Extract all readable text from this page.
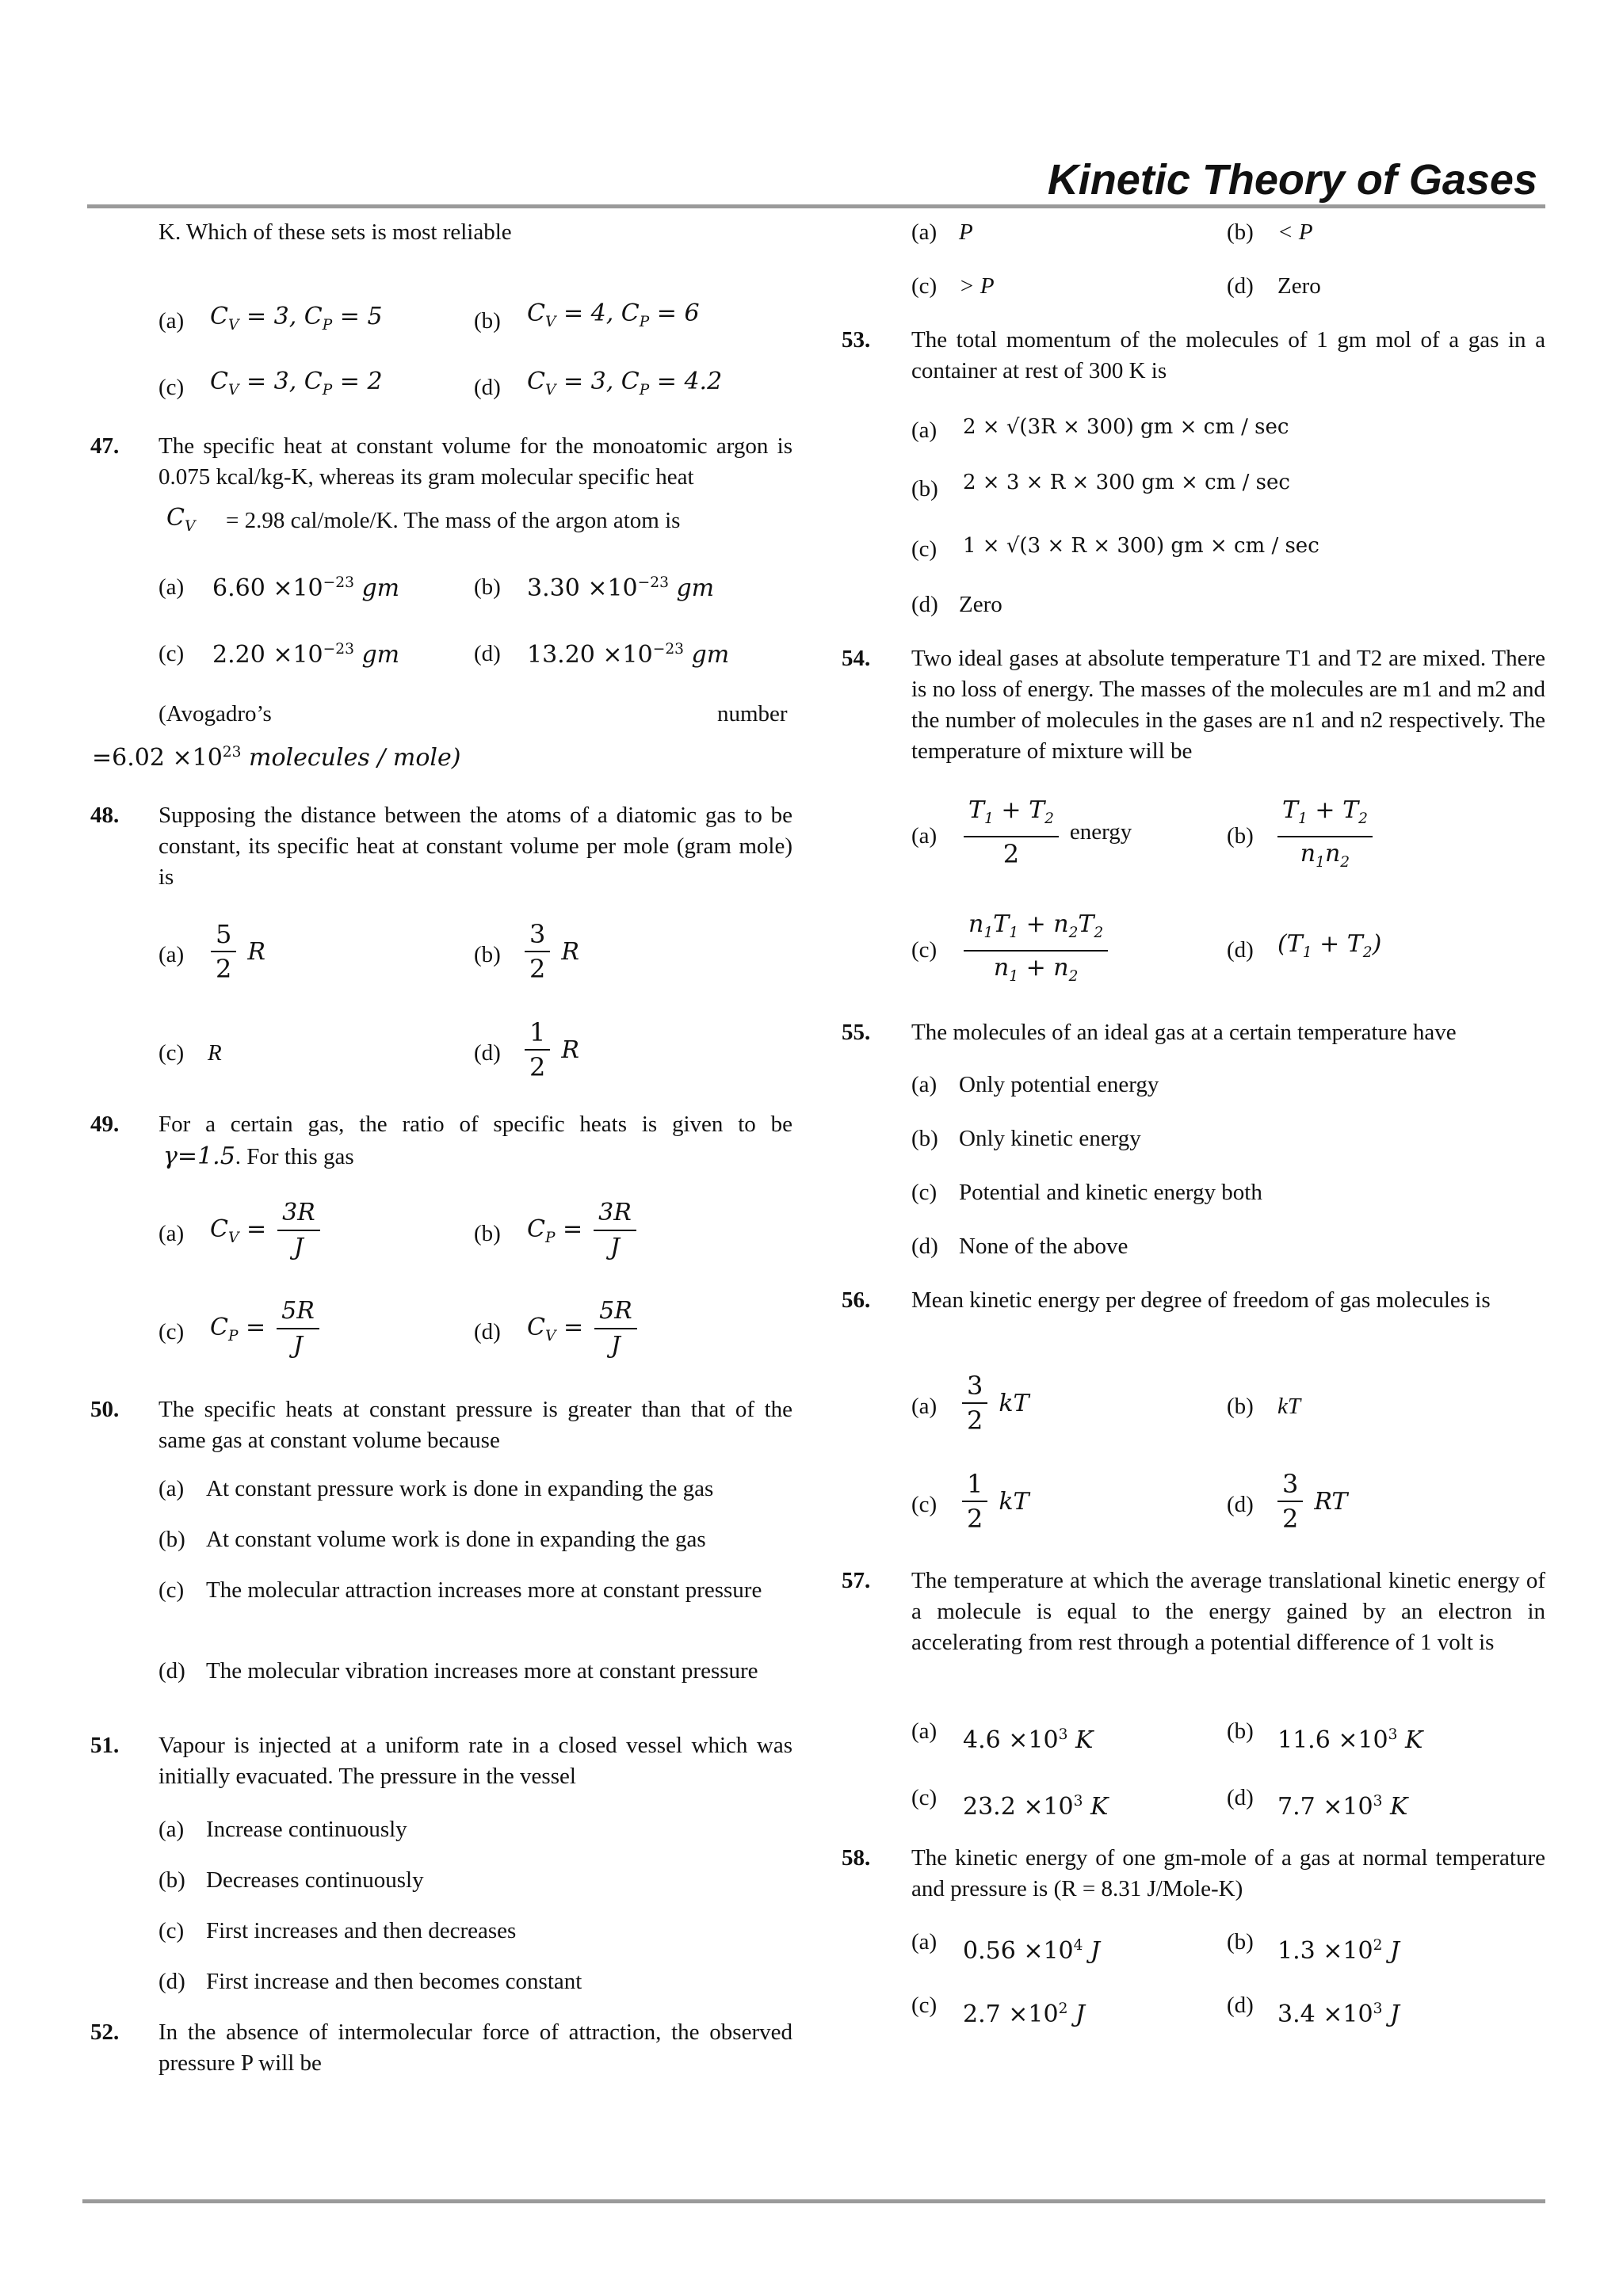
Kinetic Theory of Gases
K. Which of these sets is most reliable
(a) $C_V = 3$, $C_P = 5$	(b) $C_V = 4$, $C_P = 6$
(c) $C_V = 3$, $C_P = 2$	(d) $C_V = 3$, $C_P = 4.2$
47. The specific heat at constant volume for the monoatomic argon is 0.075 kcal/kg-K, whereas its gram molecular specific heat
$C_V = 2.98$ cal/mole/K. The mass of the argon atom is
(a) $6.60 \times 10^{-23}$ gm	(b) $3.30 \times 10^{-23}$ gm
(c) $2.20 \times 10^{-23}$ gm	(d) $13.20 \times 10^{-23}$ gm
(Avogadro’s	number
$=6.02 \times 10^{23}$ molecules / mole)
48. Supposing the distance between the atoms of a diatomic gas to be constant, its specific heat at constant volume per mole (gram mole) is
$(a) \frac{5}{2}$ R	$(b) \frac{3}{2}$ R
(c) R	$(d) \frac{1}{2}$ R
49. For a certain gas, the ratio of specific heats is given to be
γ=1.5. For this gas
(a) $C_V = \frac{3R}{J}$	(b) $C_P = \frac{3R}{J}$
(c) $C_P = \frac{5R}{J}$	(d) $C_V = \frac{5R}{J}$
50. The specific heats at constant pressure is greater than that of the same gas at constant volume because
(a) At constant pressure work is done in expanding the gas
(b) At constant volume work is done in expanding the gas
(c) The molecular attraction increases more at constant pressure
(d) The molecular vibration increases more at constant pressure
51. Vapour is injected at a uniform rate in a closed vessel which was initially evacuated. The pressure in the vessel
(a) Increase continuously
(b) Decreases continuously
(c) First increases and then decreases
(d) First increase and then becomes constant
52. In the absence of intermolecular force of attraction, the observed pressure P will be
(a) P	(b) < P
(c) > P	(d) Zero
53. The total momentum of the molecules of 1 gm mol of a gas in a container at rest of 300 K is
(a) 2 × √(3R × 300) gm × cm / sec
(b) 2 × 3 × R × 300 gm × cm / sec
(c) 1 × √(3 × R × 300) gm × cm / sec
(d) Zero
54. Two ideal gases at absolute temperature T1 and T2 are mixed. There is no loss of energy. The masses of the molecules are m1 and m2 and the number of molecules in the gases are n1 and n2 respectively. The temperature of mixture will be
$(a) \frac{T_1 + T_2}{2}$ energy	$(b) \frac{T_1 + T_2}{n_1n_2}$
$(c) \frac{n_1T_1 + n_2T_2}{n_1 + n_2}$	(d) $(T_1 + T_2)$
55. The molecules of an ideal gas at a certain temperature have
(a) Only potential energy
(b) Only kinetic energy
(c) Potential and kinetic energy both
(d) None of the above
56. Mean kinetic energy per degree of freedom of gas molecules is
$(a) \frac{3}{2}$ kT	(b) kT
$(c) \frac{1}{2}$ kT	$(d) \frac{3}{2}$ RT
57. The temperature at which the average translational kinetic energy of a molecule is equal to the energy gained by an electron in accelerating from rest through a potential difference of 1 volt is
(a) $4.6 \times 10^3$ K	(b) $11.6 \times 10^3$ K
(c) $23.2 \times 10^3$ K	(d) $7.7 \times 10^3$ K
58. The kinetic energy of one gm-mole of a gas at normal temperature and pressure is (R = 8.31 J/Mole-K)
(a) $0.56 \times 10^4$ J	(b) $1.3 \times 10^2$ J
(c) $2.7 \times 10^2$ J	(d) $3.4 \times 10^3$ J
